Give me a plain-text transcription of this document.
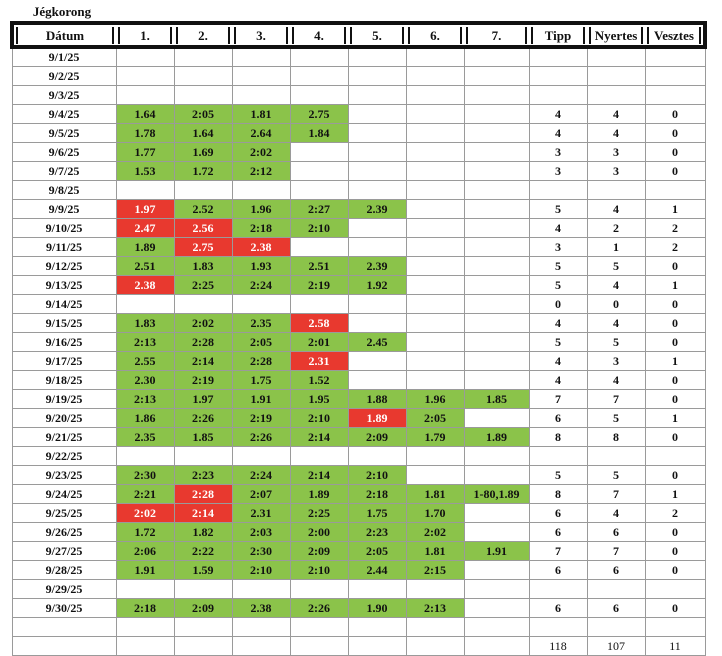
Jégkorong
Dátum	1.	2.	3.	4.	5.	6.	7.	Tipp	Nyertes	Vesztes

9/1/25										
9/2/25										
9/3/25										
9/4/25	1.64	2:05	1.81	2.75				4	4	0
9/5/25	1.78	1.64	2.64	1.84				4	4	0
9/6/25	1.77	1.69	2:02					3	3	0
9/7/25	1.53	1.72	2:12					3	3	0
9/8/25										
9/9/25	1.97	2.52	1.96	2:27	2.39			5	4	1
9/10/25	2.47	2.56	2:18	2:10				4	2	2
9/11/25	1.89	2.75	2.38					3	1	2
9/12/25	2.51	1.83	1.93	2.51	2.39			5	5	0
9/13/25	2.38	2:25	2:24	2:19	1.92			5	4	1
9/14/25								0	0	0
9/15/25	1.83	2:02	2.35	2.58				4	4	0
9/16/25	2:13	2:28	2:05	2:01	2.45			5	5	0
9/17/25	2.55	2:14	2:28	2.31				4	3	1
9/18/25	2.30	2:19	1.75	1.52				4	4	0
9/19/25	2:13	1.97	1.91	1.95	1.88	1.96	1.85	7	7	0
9/20/25	1.86	2:26	2:19	2:10	1.89	2:05		6	5	1
9/21/25	2.35	1.85	2:26	2:14	2:09	1.79	1.89	8	8	0
9/22/25										
9/23/25	2:30	2:23	2:24	2:14	2:10			5	5	0
9/24/25	2:21	2:28	2:07	1.89	2:18	1.81	1-80,1.89	8	7	1
9/25/25	2:02	2:14	2.31	2:25	1.75	1.70		6	4	2
9/26/25	1.72	1.82	2:03	2:00	2:23	2:02		6	6	0
9/27/25	2:06	2:22	2:30	2:09	2:05	1.81	1.91	7	7	0
9/28/25	1.91	1.59	2:10	2:10	2.44	2:15		6	6	0
9/29/25										
9/30/25	2:18	2:09	2.38	2:26	1.90	2:13		6	6	0

								118	107	11
